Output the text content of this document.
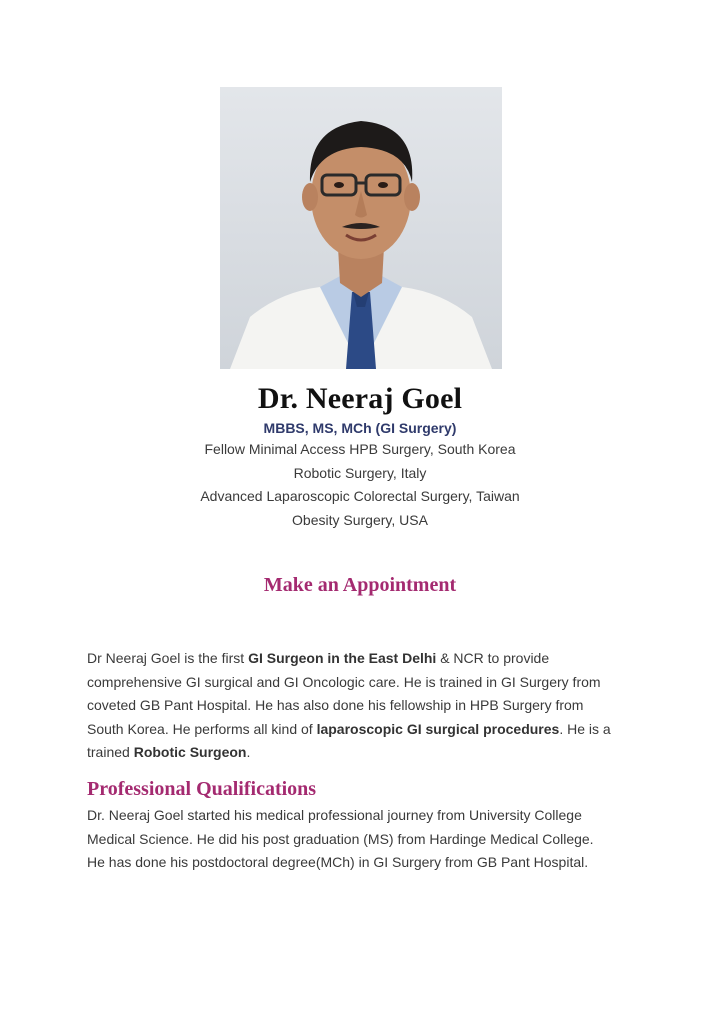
Dr. Neeraj Goel
MBBS, MS, MCh (GI Surgery)
Fellow Minimal Access HPB Surgery, South Korea
Robotic Surgery, Italy
Advanced Laparoscopic Colorectal Surgery, Taiwan
Obesity Surgery, USA
Make an Appointment
Dr Neeraj Goel is the first GI Surgeon in the East Delhi & NCR to provide
comprehensive GI surgical and GI Oncologic care. He is trained in GI Surgery from
coveted GB Pant Hospital. He has also done his fellowship in HPB Surgery from
South Korea. He performs all kind of laparoscopic GI surgical procedures. He is a
trained Robotic Surgeon.
Professional Qualifications
Dr. Neeraj Goel started his medical professional journey from University College
Medical Science. He did his post graduation (MS) from Hardinge Medical College.
He has done his postdoctoral degree(MCh) in GI Surgery from GB Pant Hospital.
